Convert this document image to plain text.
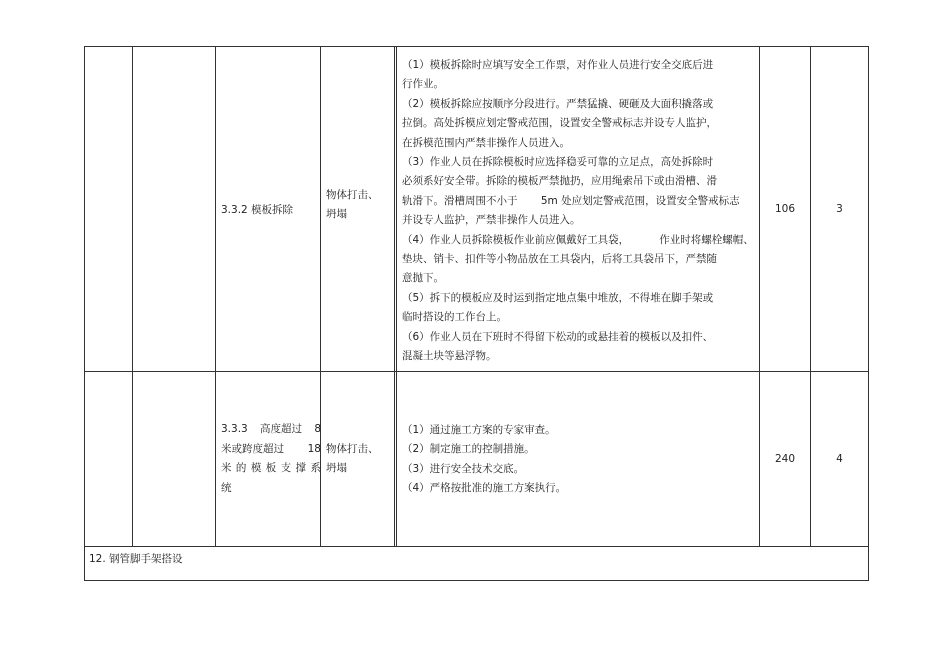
3.3.2 模板拆除
物体打击、
坍塌
（1）模板拆除时应填写安全工作票，对作业人员进行安全交底后进
行作业。
（2）模板拆除应按顺序分段进行。严禁猛撬、硬砸及大面积撬落或
拉倒。高处拆模应划定警戒范围，设置安全警戒标志并设专人监护，
在拆模范围内严禁非操作人员进入。
（3）作业人员在拆除模板时应选择稳妥可靠的立足点，高处拆除时
必须系好安全带。拆除的模板严禁抛扔，应用绳索吊下或由滑槽、滑
轨滑下。滑槽周围不小于       5m 处应划定警戒范围，设置安全警戒标志
并设专人监护，严禁非操作人员进入。
（4）作业人员拆除模板作业前应佩戴好工具袋，         作业时将螺栓螺帽、
垫块、销卡、扣件等小物品放在工具袋内，后将工具袋吊下，严禁随
意抛下。
（5）拆下的模板应及时运到指定地点集中堆放，不得堆在脚手架或
临时搭设的工作台上。
（6）作业人员在下班时不得留下松动的或悬挂着的模板以及扣件、
混凝土块等悬浮物。
106	3
3.3.3 高度超过 8
米或跨度超过 18
米 的 模 板 支 撑 系
统
物体打击、
坍塌
（1）通过施工方案的专家审查。
（2）制定施工的控制措施。
（3）进行安全技术交底。
（4）严格按批准的施工方案执行。
240	4
12. 钢管脚手架搭设
